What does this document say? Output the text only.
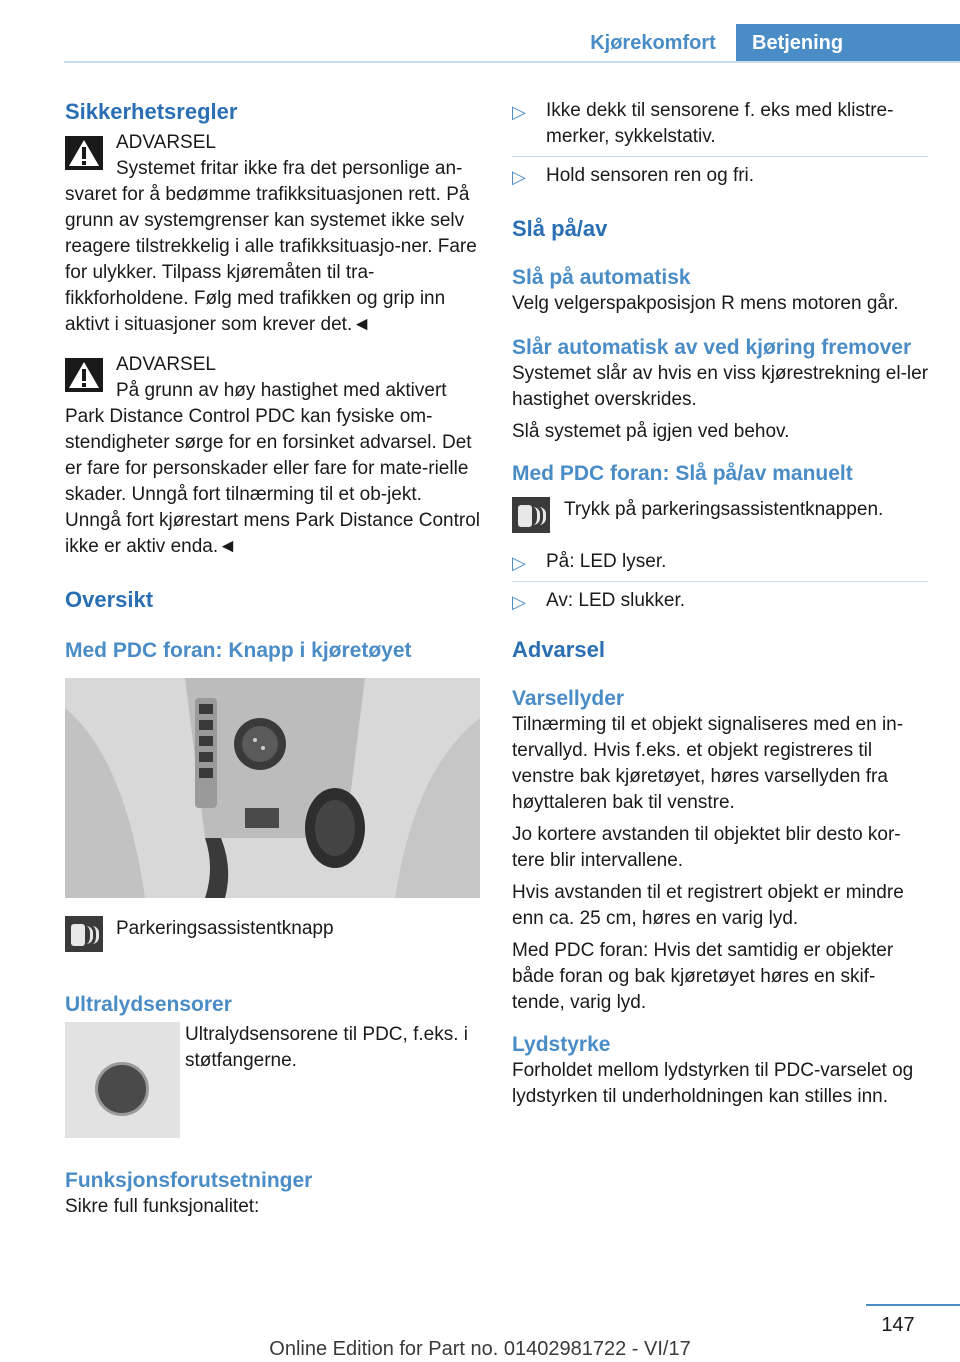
Kjørekomfort	Betjening
Sikkerhetsregler

ADVARSEL

Systemet fritar ikke fra det personlige an-svaret for å bedømme trafikksituasjonen rett. På grunn av systemgrenser kan systemet ikke selv reagere tilstrekkelig i alle trafikksituasjo-ner. Fare for ulykker. Tilpass kjøremåten til tra-fikkforholdene. Følg med trafikken og grip inn aktivt i situasjoner som krever det.◄

ADVARSEL

På grunn av høy hastighet med aktivert Park Distance Control PDC kan fysiske om-stendigheter sørge for en forsinket advarsel. Det er fare for personskader eller fare for mate-rielle skader. Unngå fort tilnærming til et ob-jekt. Unngå fort kjørestart mens Park Distance Control ikke er aktiv enda.◄

Oversikt
Med PDC foran: Knapp i kjøretøyet
Parkeringsassistentknapp
Ultralydsensorer

Ultralydsensorene til PDC, f.eks. i støtfangerne.

Funksjonsforutsetninger

Sikre full funksjonalitet:

▷ Ikke dekk til sensorene f. eks med klistre-merker, sykkelstativ.
▷ Hold sensoren ren og fri.
Slå på/av
Slå på automatisk

Velg velgerspakposisjon R mens motoren går.

Slår automatisk av ved kjøring fremover

Systemet slår av hvis en viss kjørestrekning el-ler hastighet overskrides.

Slå systemet på igjen ved behov.

Med PDC foran: Slå på/av manuelt
Trykk på parkeringsassistentknappen.
▷ På: LED lyser.
▷ Av: LED slukker.
Advarsel
Varsellyder

Tilnærming til et objekt signaliseres med en in-tervallyd. Hvis f.eks. et objekt registreres til venstre bak kjøretøyet, høres varsellyden fra høyttaleren bak til venstre.

Jo kortere avstanden til objektet blir desto kor-tere blir intervallene.

Hvis avstanden til et registrert objekt er mindre enn ca. 25 cm, høres en varig lyd.

Med PDC foran: Hvis det samtidig er objekter både foran og bak kjøretøyet høres en skif-tende, varig lyd.

Lydstyrke

Forholdet mellom lydstyrken til PDC-varselet og lydstyrken til underholdningen kan stilles inn.

147
Online Edition for Part no. 01402981722 - VI/17
